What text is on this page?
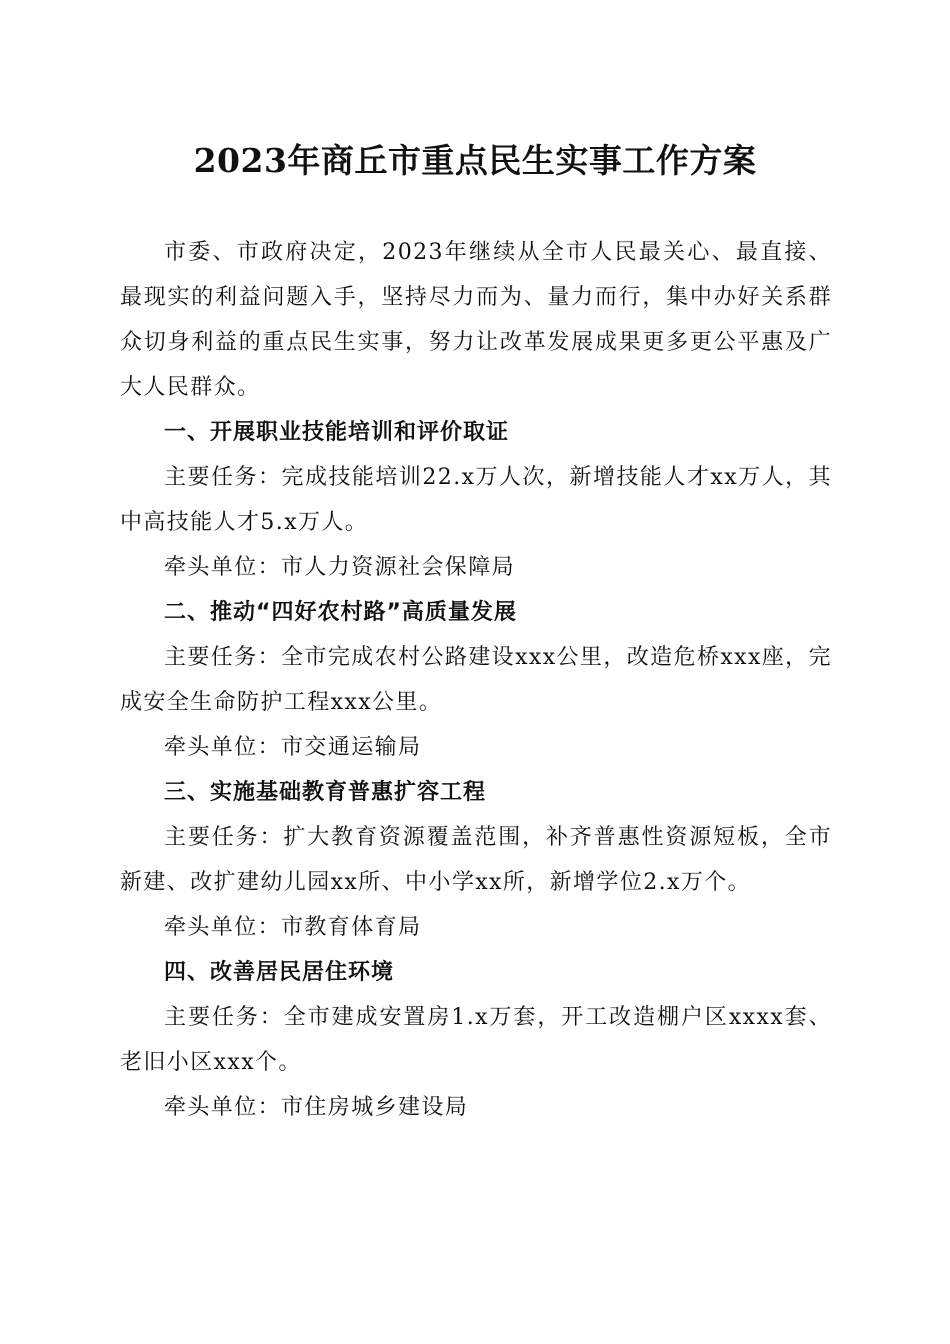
2023年商丘市重点民生实事工作方案

市委、市政府决定，2023年继续从全市人民最关心、最直接、最现实的利益问题入手，坚持尽力而为、量力而行，集中办好关系群众切身利益的重点民生实事，努力让改革发展成果更多更公平惠及广大人民群众。

一、开展职业技能培训和评价取证

主要任务：完成技能培训22.x万人次，新增技能人才xx万人，其中高技能人才5.x万人。

牵头单位：市人力资源社会保障局

二、推动“四好农村路”高质量发展

主要任务：全市完成农村公路建设xxx公里，改造危桥xxx座，完成安全生命防护工程xxx公里。

牵头单位：市交通运输局

三、实施基础教育普惠扩容工程

主要任务：扩大教育资源覆盖范围，补齐普惠性资源短板，全市新建、改扩建幼儿园xx所、中小学xx所，新增学位2.x万个。

牵头单位：市教育体育局

四、改善居民居住环境

主要任务：全市建成安置房1.x万套，开工改造棚户区xxxx套、老旧小区xxx个。

牵头单位：市住房城乡建设局
